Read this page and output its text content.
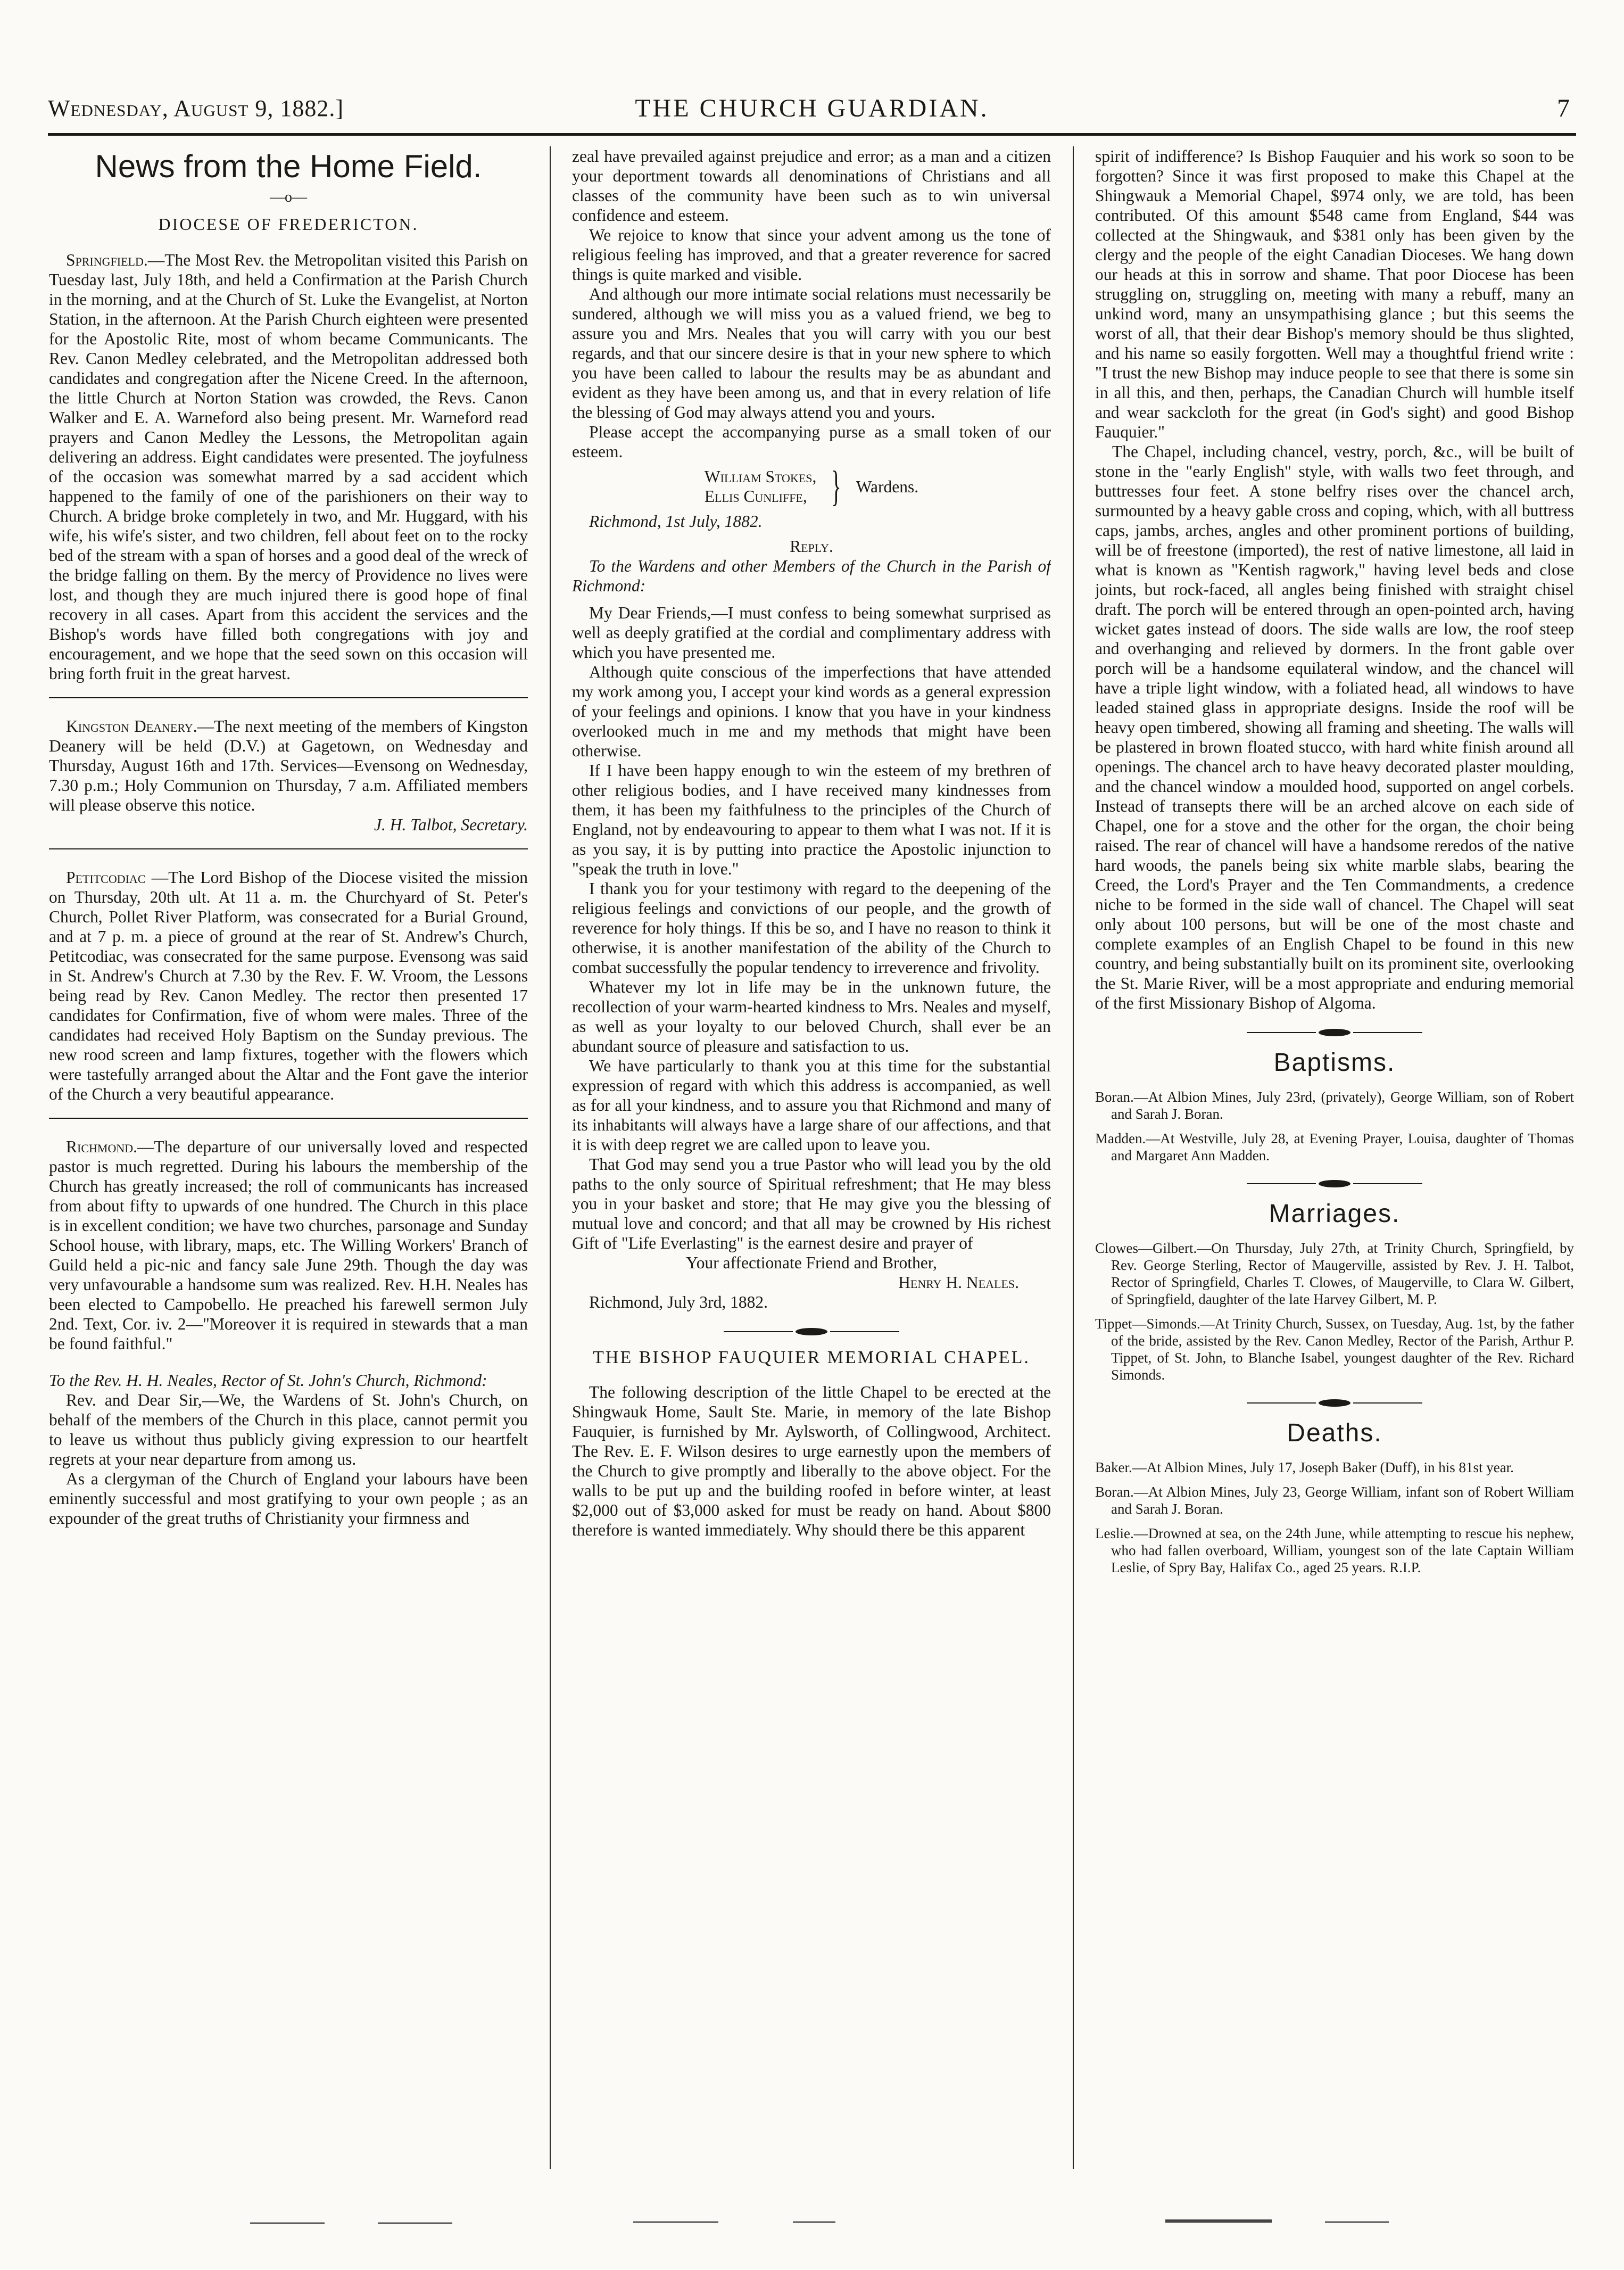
Wednesday, August 9, 1882.]	THE CHURCH GUARDIAN.	7
News from the Home Field.
—o—

DIOCESE OF FREDERICTON.

Springfield.—The Most Rev. the Metropolitan visited this Parish on Tuesday last, July 18th, and held a Confirmation at the Parish Church in the morning, and at the Church of St. Luke the Evangelist, at Norton Station, in the afternoon. At the Parish Church eighteen were presented for the Apostolic Rite, most of whom became Communicants. The Rev. Canon Medley celebrated, and the Metropolitan addressed both candidates and congregation after the Nicene Creed. In the afternoon, the little Church at Norton Station was crowded, the Revs. Canon Walker and E. A. Warneford also being present. Mr. Warneford read prayers and Canon Medley the Lessons, the Metropolitan again delivering an address. Eight candidates were presented. The joyfulness of the occasion was somewhat marred by a sad accident which happened to the family of one of the parishioners on their way to Church. A bridge broke completely in two, and Mr. Huggard, with his wife, his wife's sister, and two children, fell about feet on to the rocky bed of the stream with a span of horses and a good deal of the wreck of the bridge falling on them. By the mercy of Providence no lives were lost, and though they are much injured there is good hope of final recovery in all cases. Apart from this accident the services and the Bishop's words have filled both congregations with joy and encouragement, and we hope that the seed sown on this occasion will bring forth fruit in the great harvest.

Kingston Deanery.—The next meeting of the members of Kingston Deanery will be held (D.V.) at Gagetown, on Wednesday and Thursday, August 16th and 17th. Services—Evensong on Wednesday, 7.30 p.m.; Holy Communion on Thursday, 7 a.m. Affiliated members will please observe this notice.

J. H. Talbot, Secretary.

Petitcodiac —The Lord Bishop of the Diocese visited the mission on Thursday, 20th ult. At 11 a. m. the Churchyard of St. Peter's Church, Pollet River Platform, was consecrated for a Burial Ground, and at 7 p. m. a piece of ground at the rear of St. Andrew's Church, Petitcodiac, was consecrated for the same purpose. Evensong was said in St. Andrew's Church at 7.30 by the Rev. F. W. Vroom, the Lessons being read by Rev. Canon Medley. The rector then presented 17 candidates for Confirmation, five of whom were males. Three of the candidates had received Holy Baptism on the Sunday previous. The new rood screen and lamp fixtures, together with the flowers which were tastefully arranged about the Altar and the Font gave the interior of the Church a very beautiful appearance.

Richmond.—The departure of our universally loved and respected pastor is much regretted. During his labours the membership of the Church has greatly increased; the roll of communicants has increased from about fifty to upwards of one hundred. The Church in this place is in excellent condition; we have two churches, parsonage and Sunday School house, with library, maps, etc. The Willing Workers' Branch of Guild held a pic-nic and fancy sale June 29th. Though the day was very unfavourable a handsome sum was realized. Rev. H.H. Neales has been elected to Campobello. He preached his farewell sermon July 2nd. Text, Cor. iv. 2—"Moreover it is required in stewards that a man be found faithful."

To the Rev. H. H. Neales, Rector of St. John's Church, Richmond:

Rev. and Dear Sir,—We, the Wardens of St. John's Church, on behalf of the members of the Church in this place, cannot permit you to leave us without thus publicly giving expression to our heartfelt regrets at your near departure from among us.

As a clergyman of the Church of England your labours have been eminently successful and most gratifying to your own people ; as an expounder of the great truths of Christianity your firmness and

zeal have prevailed against prejudice and error; as a man and a citizen your deportment towards all denominations of Christians and all classes of the community have been such as to win universal confidence and esteem.

We rejoice to know that since your advent among us the tone of religious feeling has improved, and that a greater reverence for sacred things is quite marked and visible.

And although our more intimate social relations must necessarily be sundered, although we will miss you as a valued friend, we beg to assure you and Mrs. Neales that you will carry with you our best regards, and that our sincere desire is that in your new sphere to which you have been called to labour the results may be as abundant and evident as they have been among us, and that in every relation of life the blessing of God may always attend you and yours.

Please accept the accompanying purse as a small token of our esteem.

William Stokes,
Ellis Cunliffe, } Wardens.

Richmond, 1st July, 1882.

Reply.

To the Wardens and other Members of the Church in the Parish of Richmond:

My Dear Friends,—I must confess to being somewhat surprised as well as deeply gratified at the cordial and complimentary address with which you have presented me.

Although quite conscious of the imperfections that have attended my work among you, I accept your kind words as a general expression of your feelings and opinions. I know that you have in your kindness overlooked much in me and my methods that might have been otherwise.

If I have been happy enough to win the esteem of my brethren of other religious bodies, and I have received many kindnesses from them, it has been my faithfulness to the principles of the Church of England, not by endeavouring to appear to them what I was not. If it is as you say, it is by putting into practice the Apostolic injunction to "speak the truth in love."

I thank you for your testimony with regard to the deepening of the religious feelings and convictions of our people, and the growth of reverence for holy things. If this be so, and I have no reason to think it otherwise, it is another manifestation of the ability of the Church to combat successfully the popular tendency to irreverence and frivolity.

Whatever my lot in life may be in the unknown future, the recollection of your warm-hearted kindness to Mrs. Neales and myself, as well as your loyalty to our beloved Church, shall ever be an abundant source of pleasure and satisfaction to us.

We have particularly to thank you at this time for the substantial expression of regard with which this address is accompanied, as well as for all your kindness, and to assure you that Richmond and many of its inhabitants will always have a large share of our affections, and that it is with deep regret we are called upon to leave you.

That God may send you a true Pastor who will lead you by the old paths to the only source of Spiritual refreshment; that He may bless you in your basket and store; that He may give you the blessing of mutual love and concord; and that all may be crowned by His richest Gift of "Life Everlasting" is the earnest desire and prayer of

Your affectionate Friend and Brother,

Henry H. Neales.

Richmond, July 3rd, 1882.

THE BISHOP FAUQUIER MEMORIAL CHAPEL.

The following description of the little Chapel to be erected at the Shingwauk Home, Sault Ste. Marie, in memory of the late Bishop Fauquier, is furnished by Mr. Aylsworth, of Collingwood, Architect. The Rev. E. F. Wilson desires to urge earnestly upon the members of the Church to give promptly and liberally to the above object. For the walls to be put up and the building roofed in before winter, at least $2,000 out of $3,000 asked for must be ready on hand. About $800 therefore is wanted immediately. Why should there be this apparent

spirit of indifference? Is Bishop Fauquier and his work so soon to be forgotten? Since it was first proposed to make this Chapel at the Shingwauk a Memorial Chapel, $974 only, we are told, has been contributed. Of this amount $548 came from England, $44 was collected at the Shingwauk, and $381 only has been given by the clergy and the people of the eight Canadian Dioceses. We hang down our heads at this in sorrow and shame. That poor Diocese has been struggling on, struggling on, meeting with many a rebuff, many an unkind word, many an unsympathising glance ; but this seems the worst of all, that their dear Bishop's memory should be thus slighted, and his name so easily forgotten. Well may a thoughtful friend write : "I trust the new Bishop may induce people to see that there is some sin in all this, and then, perhaps, the Canadian Church will humble itself and wear sackcloth for the great (in God's sight) and good Bishop Fauquier."

The Chapel, including chancel, vestry, porch, &c., will be built of stone in the "early English" style, with walls two feet through, and buttresses four feet. A stone belfry rises over the chancel arch, surmounted by a heavy gable cross and coping, which, with all buttress caps, jambs, arches, angles and other prominent portions of building, will be of freestone (imported), the rest of native limestone, all laid in what is known as "Kentish ragwork," having level beds and close joints, but rock-faced, all angles being finished with straight chisel draft. The porch will be entered through an open-pointed arch, having wicket gates instead of doors. The side walls are low, the roof steep and overhanging and relieved by dormers. In the front gable over porch will be a handsome equilateral window, and the chancel will have a triple light window, with a foliated head, all windows to have leaded stained glass in appropriate designs. Inside the roof will be heavy open timbered, showing all framing and sheeting. The walls will be plastered in brown floated stucco, with hard white finish around all openings. The chancel arch to have heavy decorated plaster moulding, and the chancel window a moulded hood, supported on angel corbels. Instead of transepts there will be an arched alcove on each side of Chapel, one for a stove and the other for the organ, the choir being raised. The rear of chancel will have a handsome reredos of the native hard woods, the panels being six white marble slabs, bearing the Creed, the Lord's Prayer and the Ten Commandments, a credence niche to be formed in the side wall of chancel. The Chapel will seat only about 100 persons, but will be one of the most chaste and complete examples of an English Chapel to be found in this new country, and being substantially built on its prominent site, overlooking the St. Marie River, will be a most appropriate and enduring memorial of the first Missionary Bishop of Algoma.

Baptisms.
Boran.—At Albion Mines, July 23rd, (privately), George William, son of Robert and Sarah J. Boran.
Madden.—At Westville, July 28, at Evening Prayer, Louisa, daughter of Thomas and Margaret Ann Madden.
Marriages.
Clowes—Gilbert.—On Thursday, July 27th, at Trinity Church, Springfield, by Rev. George Sterling, Rector of Maugerville, assisted by Rev. J. H. Talbot, Rector of Springfield, Charles T. Clowes, of Maugerville, to Clara W. Gilbert, of Springfield, daughter of the late Harvey Gilbert, M. P.
Tippet—Simonds.—At Trinity Church, Sussex, on Tuesday, Aug. 1st, by the father of the bride, assisted by the Rev. Canon Medley, Rector of the Parish, Arthur P. Tippet, of St. John, to Blanche Isabel, youngest daughter of the Rev. Richard Simonds.
Deaths.
Baker.—At Albion Mines, July 17, Joseph Baker (Duff), in his 81st year.
Boran.—At Albion Mines, July 23, George William, infant son of Robert William and Sarah J. Boran.
Leslie.—Drowned at sea, on the 24th June, while attempting to rescue his nephew, who had fallen overboard, William, youngest son of the late Captain William Leslie, of Spry Bay, Halifax Co., aged 25 years. R.I.P.
